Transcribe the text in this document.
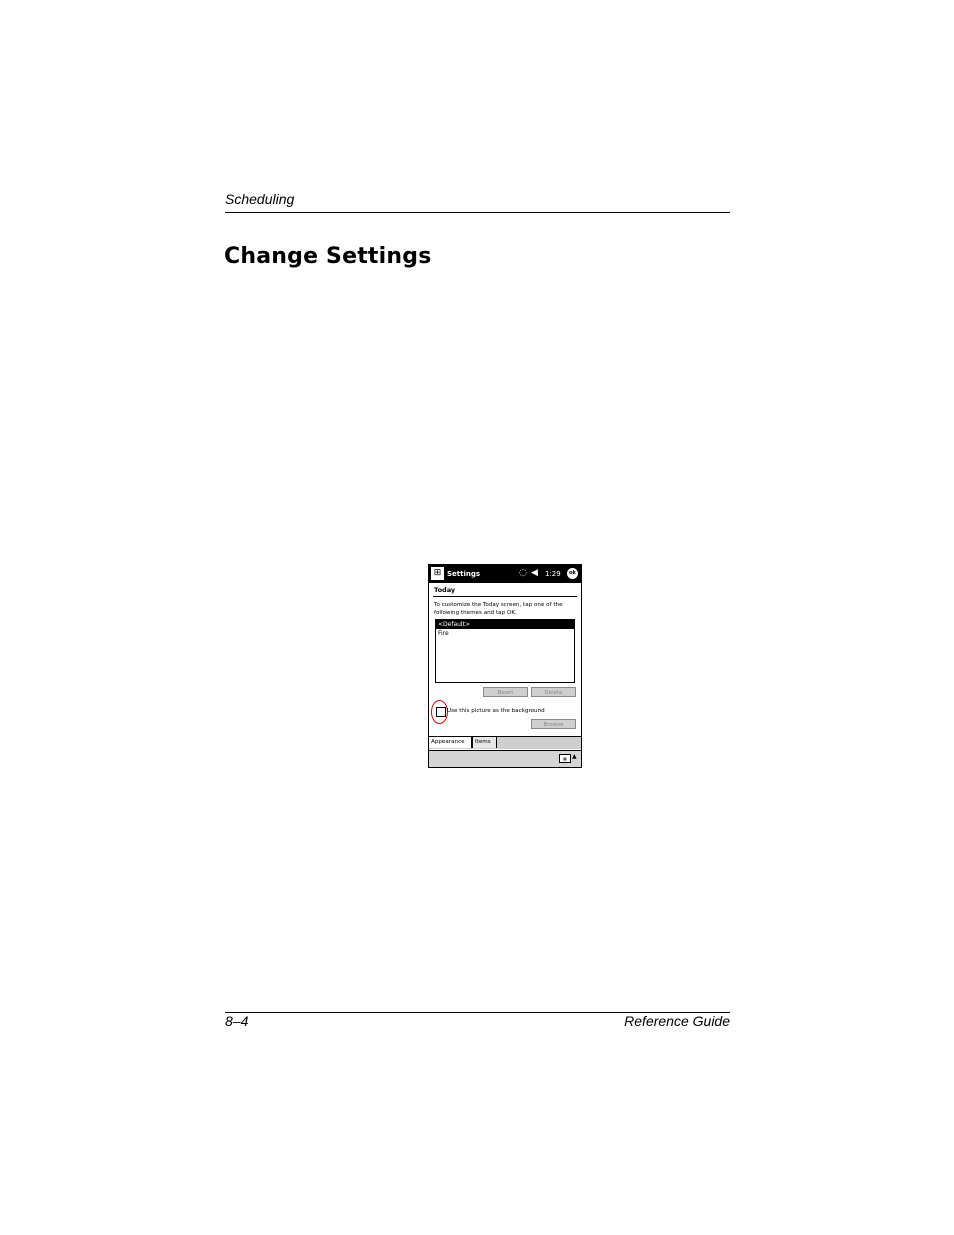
Scheduling
Change Settings
⊞ Settings	◌ ◀ 1:29	ok
Today
To customize the Today screen, tap one of the following themes and tap OK.
<Default>
Fire
Beam	Delete
Use this picture as the background
Browse
Appearance	Items
▦ ▲
8–4	Reference Guide
